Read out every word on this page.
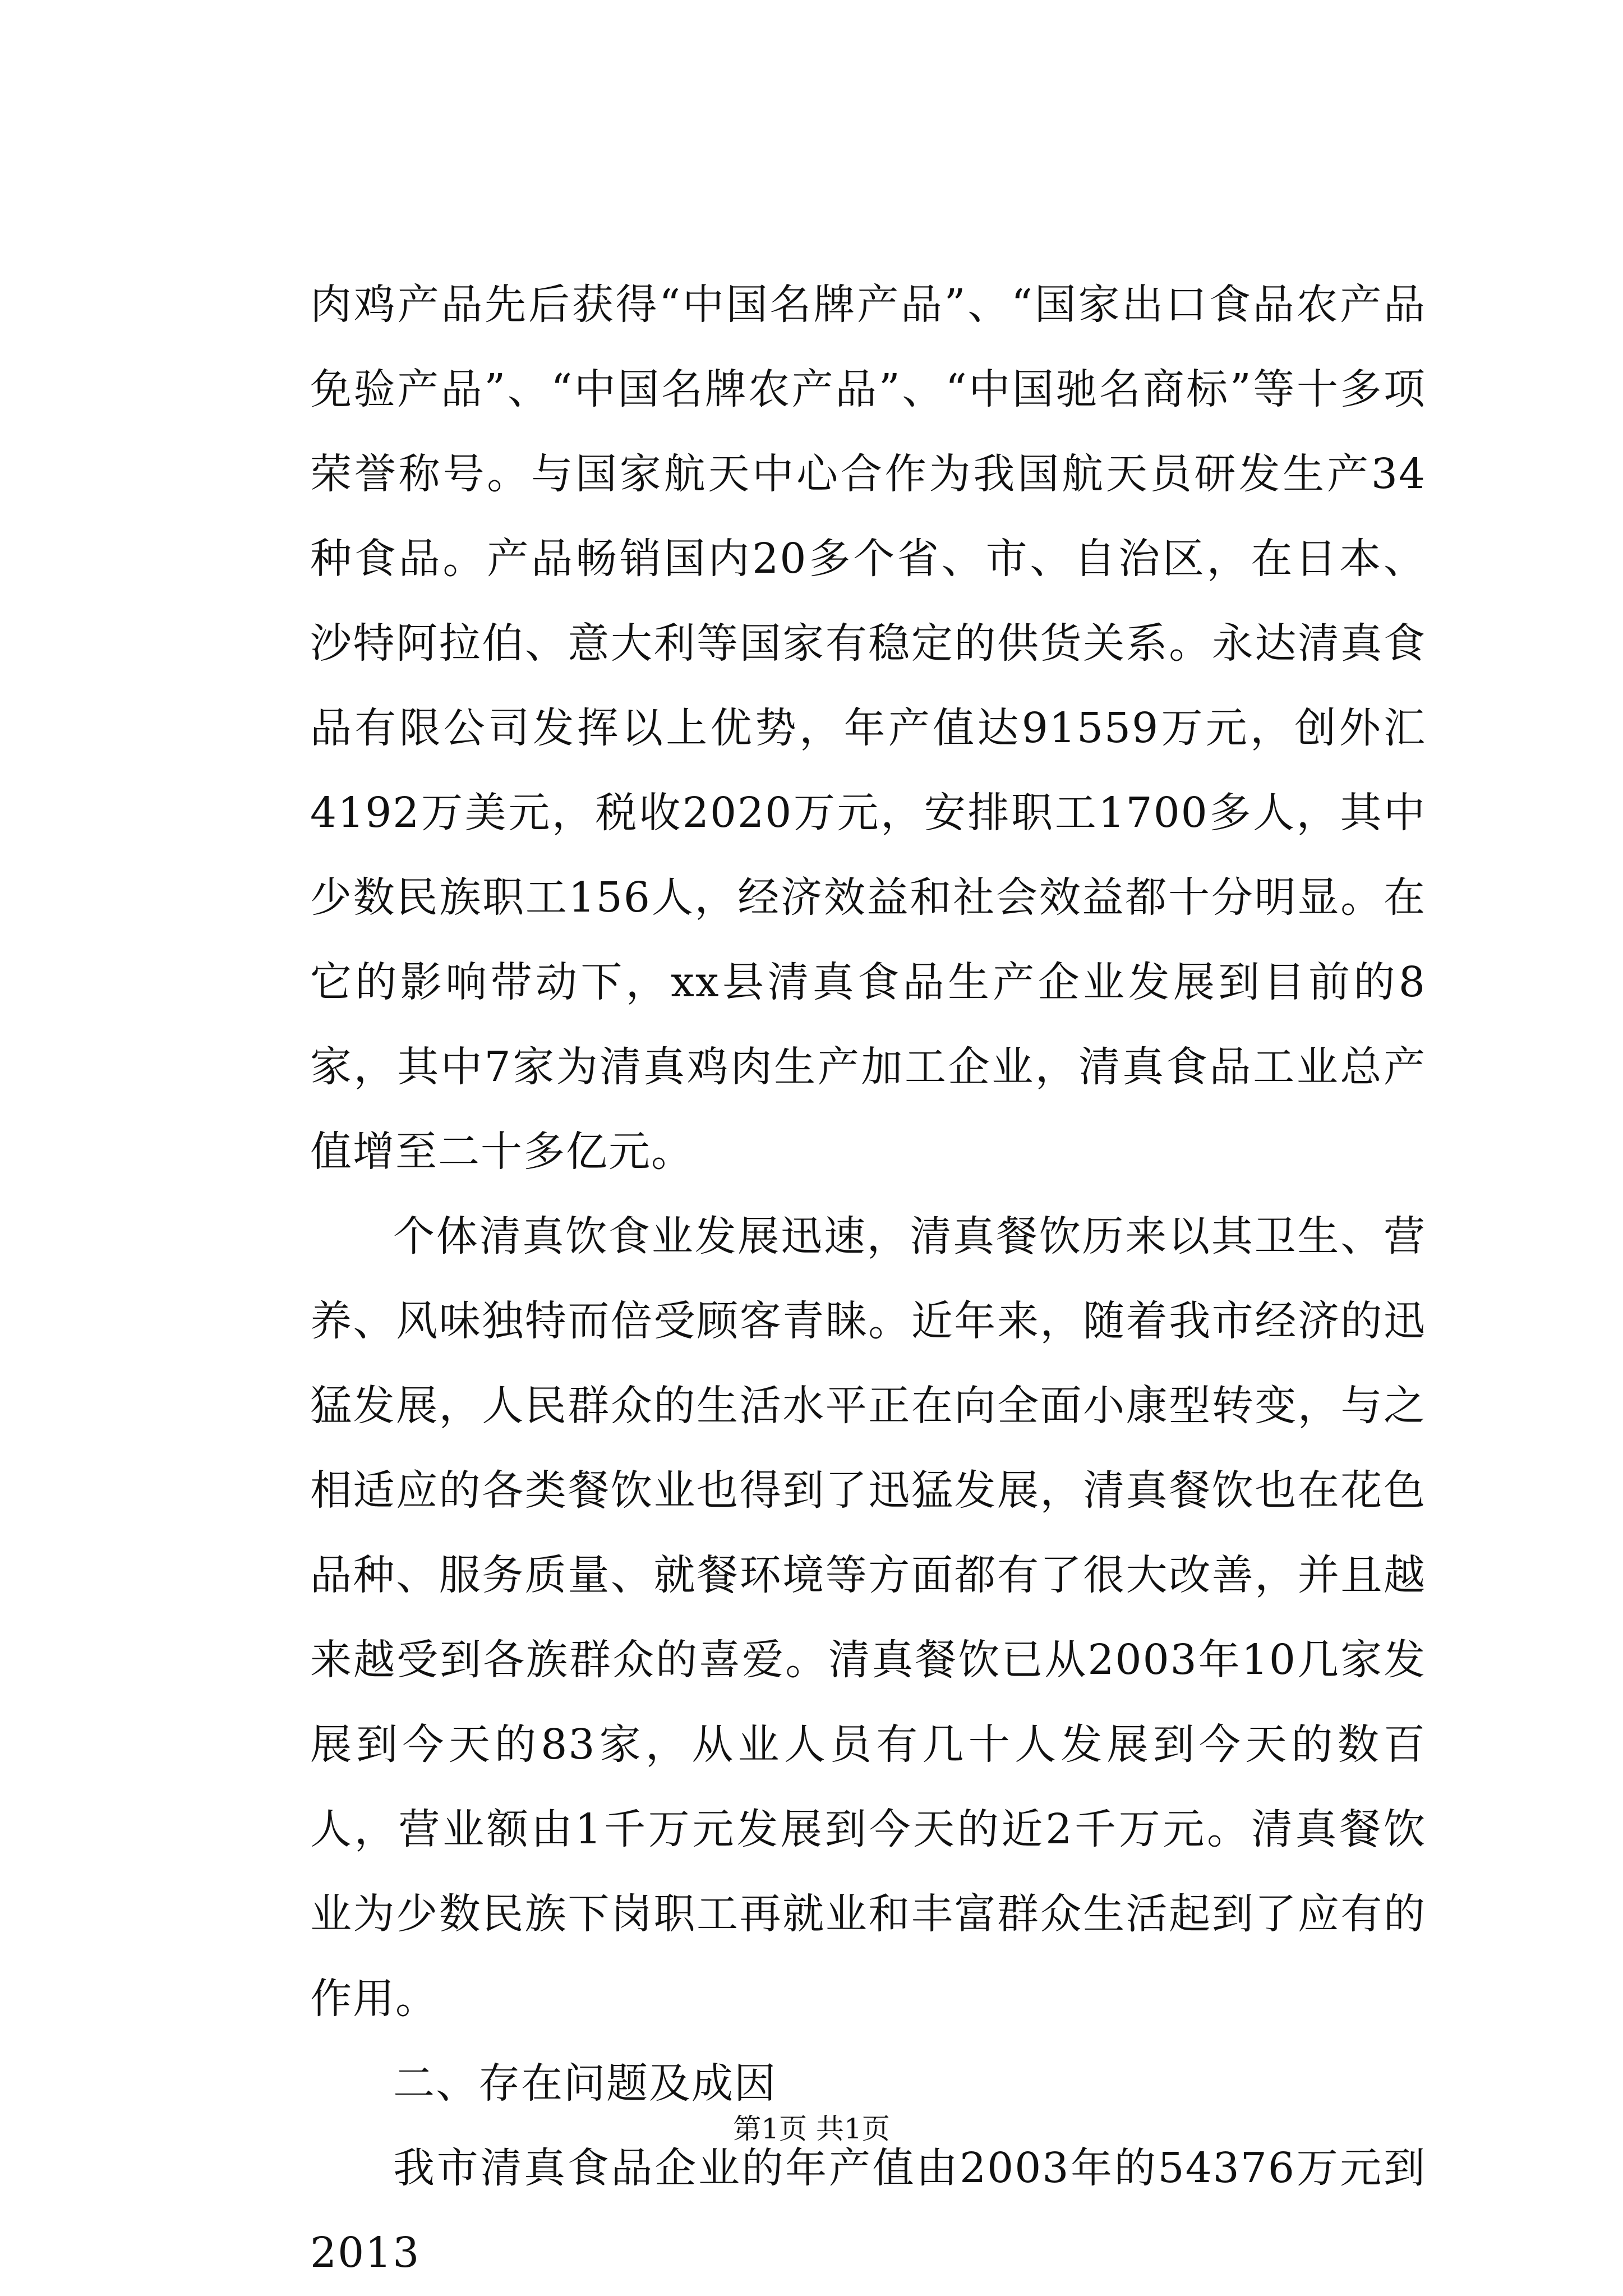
肉鸡产品先后获得“中国名牌产品”、“国家出口食品农产品免验产品”、“中国名牌农产品”、“中国驰名商标”等十多项荣誉称号。与国家航天中心合作为我国航天员研发生产34种食品。产品畅销国内20多个省、市、自治区，在日本、沙特阿拉伯、意大利等国家有稳定的供货关系。永达清真食品有限公司发挥以上优势，年产值达91559万元，创外汇4192万美元，税收2020万元，安排职工1700多人，其中少数民族职工156人，经济效益和社会效益都十分明显。在它的影响带动下，xx县清真食品生产企业发展到目前的8家，其中7家为清真鸡肉生产加工企业，清真食品工业总产值增至二十多亿元。

个体清真饮食业发展迅速，清真餐饮历来以其卫生、营养、风味独特而倍受顾客青睐。近年来，随着我市经济的迅猛发展，人民群众的生活水平正在向全面小康型转变，与之相适应的各类餐饮业也得到了迅猛发展，清真餐饮也在花色品种、服务质量、就餐环境等方面都有了很大改善，并且越来越受到各族群众的喜爱。清真餐饮已从2003年10几家发展到今天的83家，从业人员有几十人发展到今天的数百人，营业额由1千万元发展到今天的近2千万元。清真餐饮业为少数民族下岗职工再就业和丰富群众生活起到了应有的作用。

二、存在问题及成因

我市清真食品企业的年产值由2003年的54376万元到2013

第1页 共1页
